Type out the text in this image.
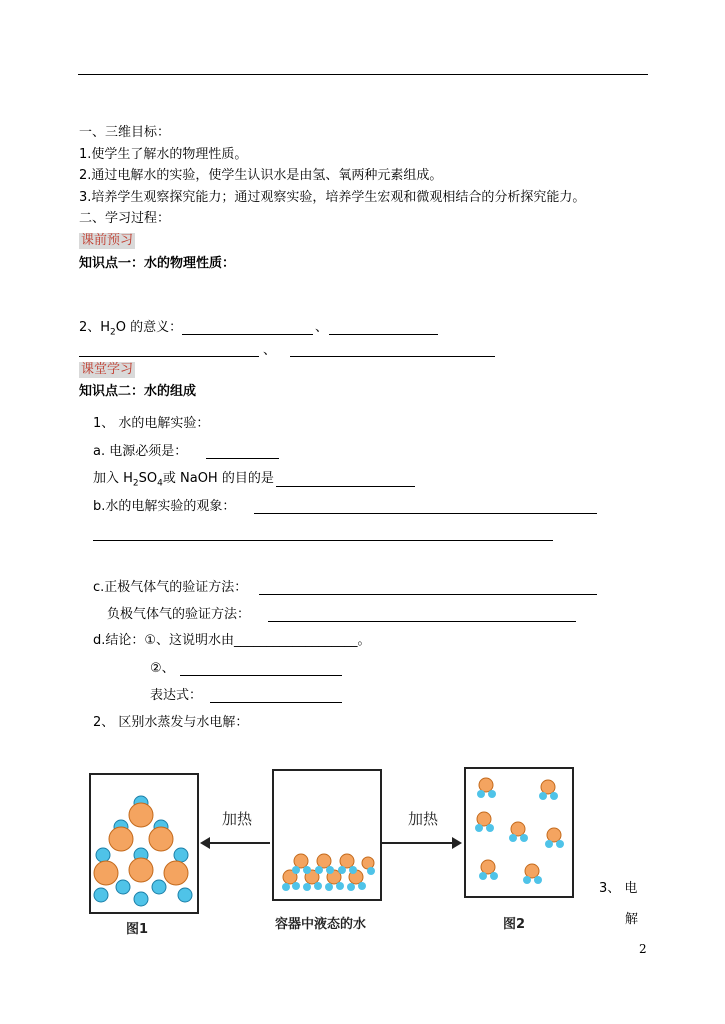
一、三维目标：
1.使学生了解水的物理性质。
2.通过电解水的实验，使学生认识水是由氢、氧两种元素组成。
3.培养学生观察探究能力；通过观察实验，培养学生宏观和微观相结合的分析探究能力。
二、学习过程：
课前预习
知识点一：水的物理性质：
2、$H_2O$ 的意义：	、
、
课堂学习
知识点二：水的组成
1、 水的电解实验：
a. 电源必须是：
加入 $H_2SO_4$或 NaOH 的目的是
b.水的电解实验的观象：
c.正极气体气的验证方法：
负极气体气的验证方法：
d.结论：①、这说明水由___________________。
②、
表达式：
2、 区别水蒸发与水电解：
加热	加热
图1	容器中液态的水	图2
3、 电
解
2
